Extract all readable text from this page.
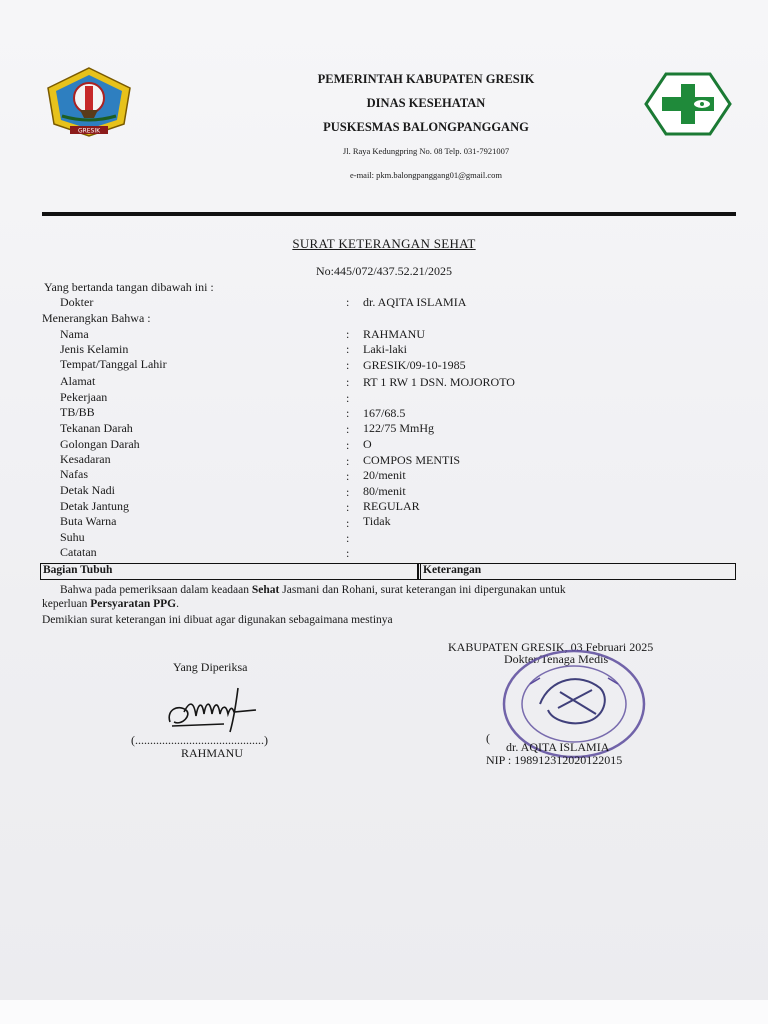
GRESIK
PEMERINTAH KABUPATEN GRESIK
DINAS KESEHATAN
PUSKESMAS BALONGPANGGANG
Jl. Raya Kedungpring No. 08 Telp. 031-7921007
e-mail: pkm.balongpanggang01@gmail.com
SURAT KETERANGAN SEHAT
No:445/072/437.52.21/2025
Yang bertanda tangan dibawah ini :
Dokter	: dr. AQITA ISLAMIA
Menerangkan Bahwa :
Nama	: RAHMANU
Jenis Kelamin	: Laki-laki
Tempat/Tanggal Lahir	: GRESIK/09-10-1985
Alamat	: RT 1 RW 1 DSN. MOJOROTO
Pekerjaan	:
TB/BB	: 167/68.5
Tekanan Darah	: 122/75 MmHg
Golongan Darah	: O
Kesadaran	: COMPOS MENTIS
Nafas	: 20/menit
Detak Nadi	: 80/menit
Detak Jantung	: REGULAR
Buta Warna	: Tidak
Suhu	:
Catatan	:
Bagian Tubuh	Keterangan
Bahwa pada pemeriksaan dalam keadaan Sehat Jasmani dan Rohani, surat keterangan ini dipergunakan untuk
keperluan Persyaratan PPG.
Demikian surat keterangan ini dibuat agar digunakan sebagaimana mestinya
Yang Diperiksa
(...........................................)
RAHMANU
KABUPATEN GRESIK, 03 Februari 2025
Dokter/Tenaga Medis
(
dr. AQITA ISLAMIA
NIP : 198912312020122015
